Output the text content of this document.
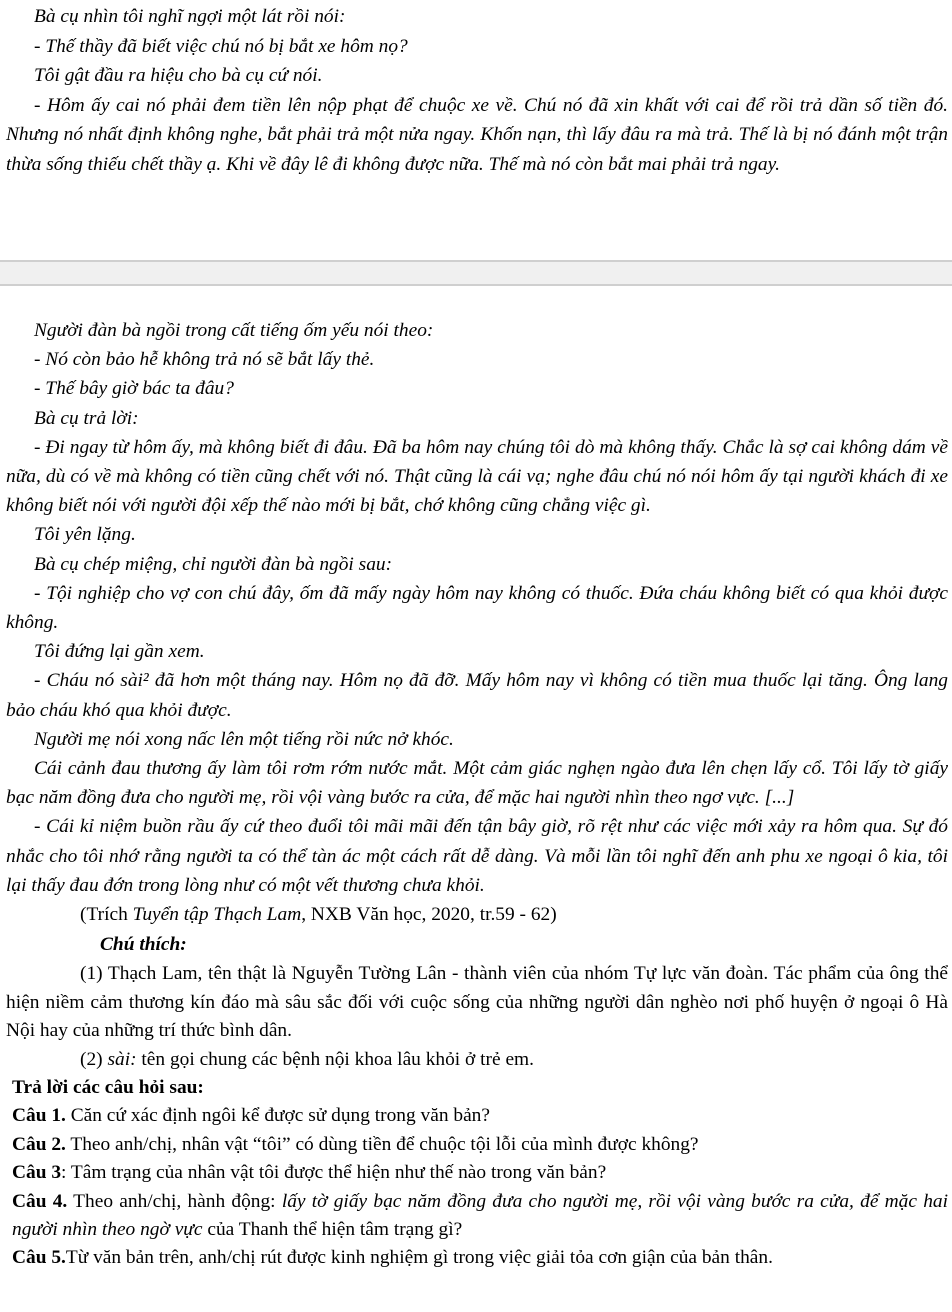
Bà cụ nhìn tôi nghĩ ngợi một lát rồi nói:

- Thế thầy đã biết việc chú nó bị bắt xe hôm nọ?

Tôi gật đầu ra hiệu cho bà cụ cứ nói.

- Hôm ấy cai nó phải đem tiền lên nộp phạt để chuộc xe về. Chú nó đã xin khất với cai để rồi trả dần số tiền đó. Nhưng nó nhất định không nghe, bắt phải trả một nửa ngay. Khốn nạn, thì lấy đâu ra mà trả. Thế là bị nó đánh một trận thừa sống thiếu chết thầy ạ. Khi về đây lê đi không được nữa. Thế mà nó còn bắt mai phải trả ngay.

Người đàn bà ngồi trong cất tiếng ốm yếu nói theo:

- Nó còn bảo hễ không trả nó sẽ bắt lấy thẻ.

- Thế bây giờ bác ta đâu?

Bà cụ trả lời:

- Đi ngay từ hôm ấy, mà không biết đi đâu. Đã ba hôm nay chúng tôi dò mà không thấy. Chắc là sợ cai không dám về nữa, dù có về mà không có tiền cũng chết với nó. Thật cũng là cái vạ; nghe đâu chú nó nói hôm ấy tại người khách đi xe không biết nói với người đội xếp thế nào mới bị bắt, chớ không cũng chẳng việc gì.

Tôi yên lặng.

Bà cụ chép miệng, chỉ người đàn bà ngồi sau:

- Tội nghiệp cho vợ con chú đây, ốm đã mấy ngày hôm nay không có thuốc. Đứa cháu không biết có qua khỏi được không.

Tôi đứng lại gần xem.

- Cháu nó sài² đã hơn một tháng nay. Hôm nọ đã đỡ. Mấy hôm nay vì không có tiền mua thuốc lại tăng. Ông lang bảo cháu khó qua khỏi được.

Người mẹ nói xong nấc lên một tiếng rồi nức nở khóc.

Cái cảnh đau thương ấy làm tôi rơm rớm nước mắt. Một cảm giác nghẹn ngào đưa lên chẹn lấy cổ. Tôi lấy tờ giấy bạc năm đồng đưa cho người mẹ, rồi vội vàng bước ra cửa, để mặc hai người nhìn theo ngơ vực. [...]

- Cái kỉ niệm buồn rầu ấy cứ theo đuổi tôi mãi mãi đến tận bây giờ, rõ rệt như các việc mới xảy ra hôm qua. Sự đó nhắc cho tôi nhớ rằng người ta có thể tàn ác một cách rất dễ dàng. Và mỗi lần tôi nghĩ đến anh phu xe ngoại ô kia, tôi lại thấy đau đớn trong lòng như có một vết thương chưa khỏi.

(Trích Tuyển tập Thạch Lam, NXB Văn học, 2020, tr.59 - 62)

Chú thích:

(1) Thạch Lam, tên thật là Nguyễn Tường Lân - thành viên của nhóm Tự lực văn đoàn. Tác phẩm của ông thể hiện niềm cảm thương kín đáo mà sâu sắc đối với cuộc sống của những người dân nghèo nơi phố huyện ở ngoại ô Hà Nội hay của những trí thức bình dân.

(2) sài: tên gọi chung các bệnh nội khoa lâu khỏi ở trẻ em.

Trả lời các câu hỏi sau:

Câu 1. Căn cứ xác định ngôi kể được sử dụng trong văn bản?

Câu 2. Theo anh/chị, nhân vật “tôi” có dùng tiền để chuộc tội lỗi của mình được không?

Câu 3: Tâm trạng của nhân vật tôi được thể hiện như thế nào trong văn bản?

Câu 4. Theo anh/chị, hành động: lấy tờ giấy bạc năm đồng đưa cho người mẹ, rồi vội vàng bước ra cửa, để mặc hai người nhìn theo ngờ vực của Thanh thể hiện tâm trạng gì?

Câu 5.Từ văn bản trên, anh/chị rút được kinh nghiệm gì trong việc giải tỏa cơn giận của bản thân.
